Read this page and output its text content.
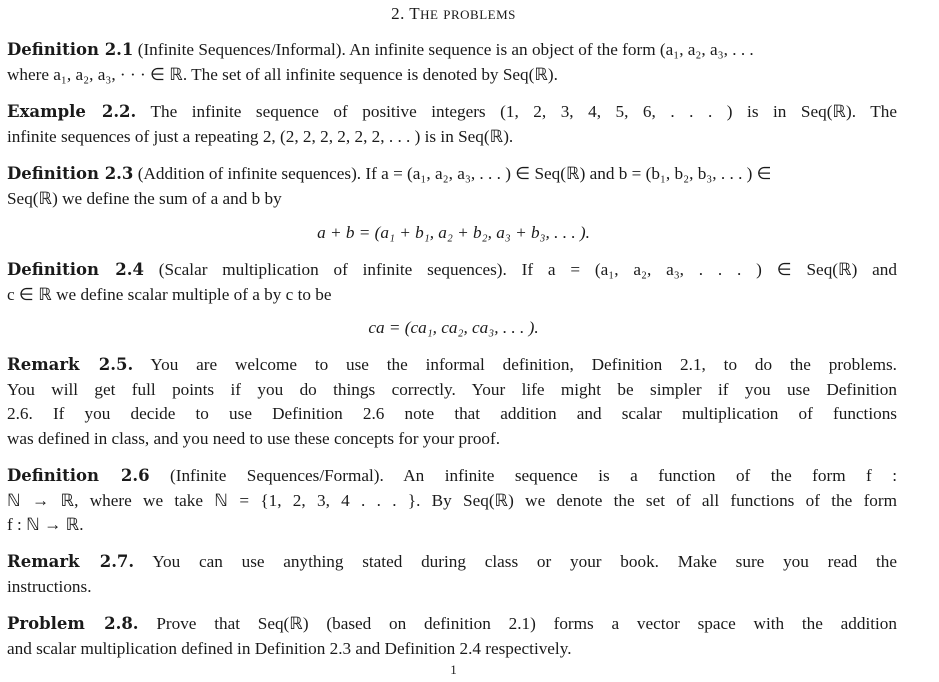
2. THE PROBLEMS
Definition 2.1 (Infinite Sequences/Informal). An infinite sequence is an object of the form (a₁, a₂, a₃, . . .
where a₁, a₂, a₃, · · · ∈ ℝ. The set of all infinite sequence is denoted by Seq(ℝ).
Example 2.2. The infinite sequence of positive integers (1, 2, 3, 4, 5, 6, . . . ) is in Seq(ℝ). The
infinite sequences of just a repeating 2, (2, 2, 2, 2, 2, 2, . . . ) is in Seq(ℝ).
Definition 2.3 (Addition of infinite sequences). If a = (a₁, a₂, a₃, . . . ) ∈ Seq(ℝ) and b = (b₁, b₂, b₃, . . . ) ∈
Seq(ℝ) we define the sum of a and b by
a + b = (a₁ + b₁, a₂ + b₂, a₃ + b₃, . . . ).
Definition 2.4 (Scalar multiplication of infinite sequences). If a = (a₁, a₂, a₃, . . . ) ∈ Seq(ℝ) and
c ∈ ℝ we define scalar multiple of a by c to be
ca = (ca₁, ca₂, ca₃, . . . ).
Remark 2.5. You are welcome to use the informal definition, Definition 2.1, to do the problems.
You will get full points if you do things correctly. Your life might be simpler if you use Definition
2.6. If you decide to use Definition 2.6 note that addition and scalar multiplication of functions
was defined in class, and you need to use these concepts for your proof.
Definition 2.6 (Infinite Sequences/Formal). An infinite sequence is a function of the form f :
ℕ → ℝ, where we take ℕ = {1, 2, 3, 4 . . . }. By Seq(ℝ) we denote the set of all functions of the form
f : ℕ → ℝ.
Remark 2.7. You can use anything stated during class or your book. Make sure you read the
instructions.
Problem 2.8. Prove that Seq(ℝ) (based on definition 2.1) forms a vector space with the addition
and scalar multiplication defined in Definition 2.3 and Definition 2.4 respectively.
1
